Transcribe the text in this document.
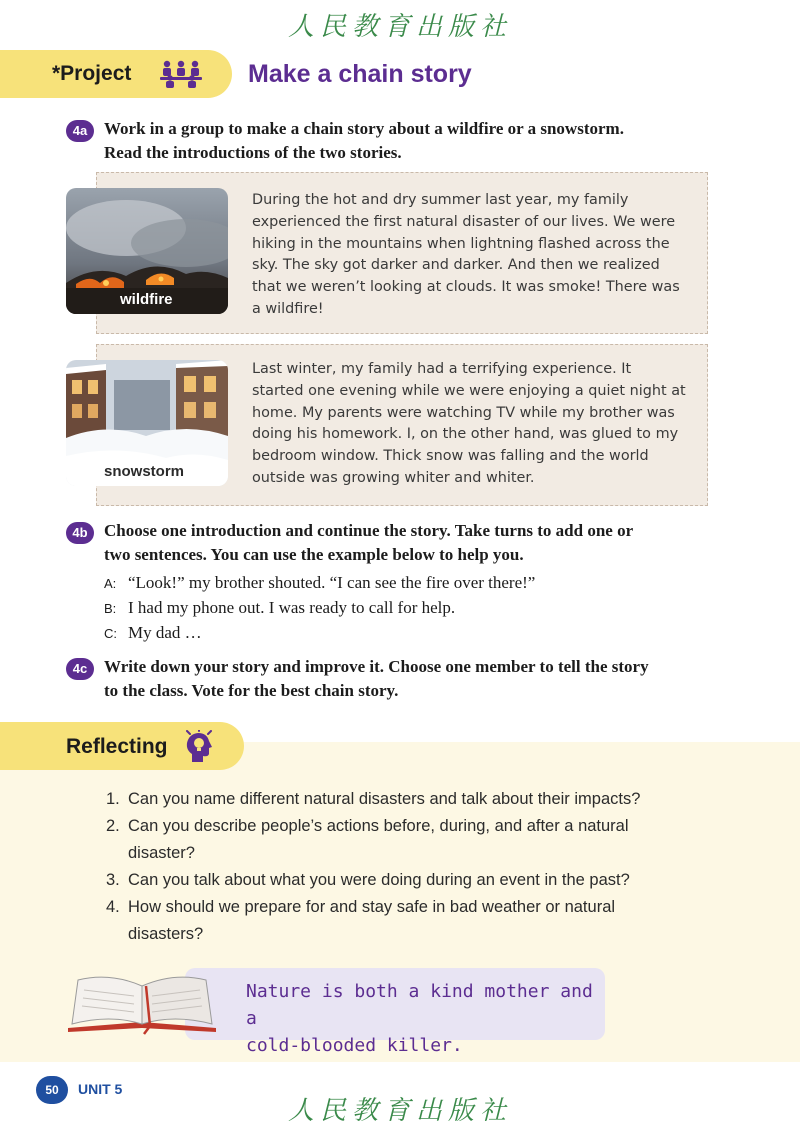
人民教育出版社
*Project	Make a chain story
4a Work in a group to make a chain story about a wildfire or a snowstorm.
Read the introductions of the two stories.
wildfire
During the hot and dry summer last year, my family
experienced the first natural disaster of our lives. We were
hiking in the mountains when lightning flashed across the
sky. The sky got darker and darker. And then we realized
that we weren’t looking at clouds. It was smoke! There was
a wildfire!
snowstorm
Last winter, my family had a terrifying experience. It
started one evening while we were enjoying a quiet night at
home. My parents were watching TV while my brother was
doing his homework. I, on the other hand, was glued to my
bedroom window. Thick snow was falling and the world
outside was growing whiter and whiter.
4b Choose one introduction and continue the story. Take turns to add one or
two sentences. You can use the example below to help you.
A: “Look!” my brother shouted. “I can see the fire over there!”
B: I had my phone out. I was ready to call for help.
C: My dad …
4c Write down your story and improve it. Choose one member to tell the story
to the class. Vote for the best chain story.
Reflecting
1. Can you name different natural disasters and talk about their impacts?
2. Can you describe people’s actions before, during, and after a natural
disaster?
3. Can you talk about what you were doing during an event in the past?
4. How should we prepare for and stay safe in bad weather or natural
disasters?
Nature is both a kind mother and a
cold-blooded killer.
50	UNIT 5
人民教育出版社
